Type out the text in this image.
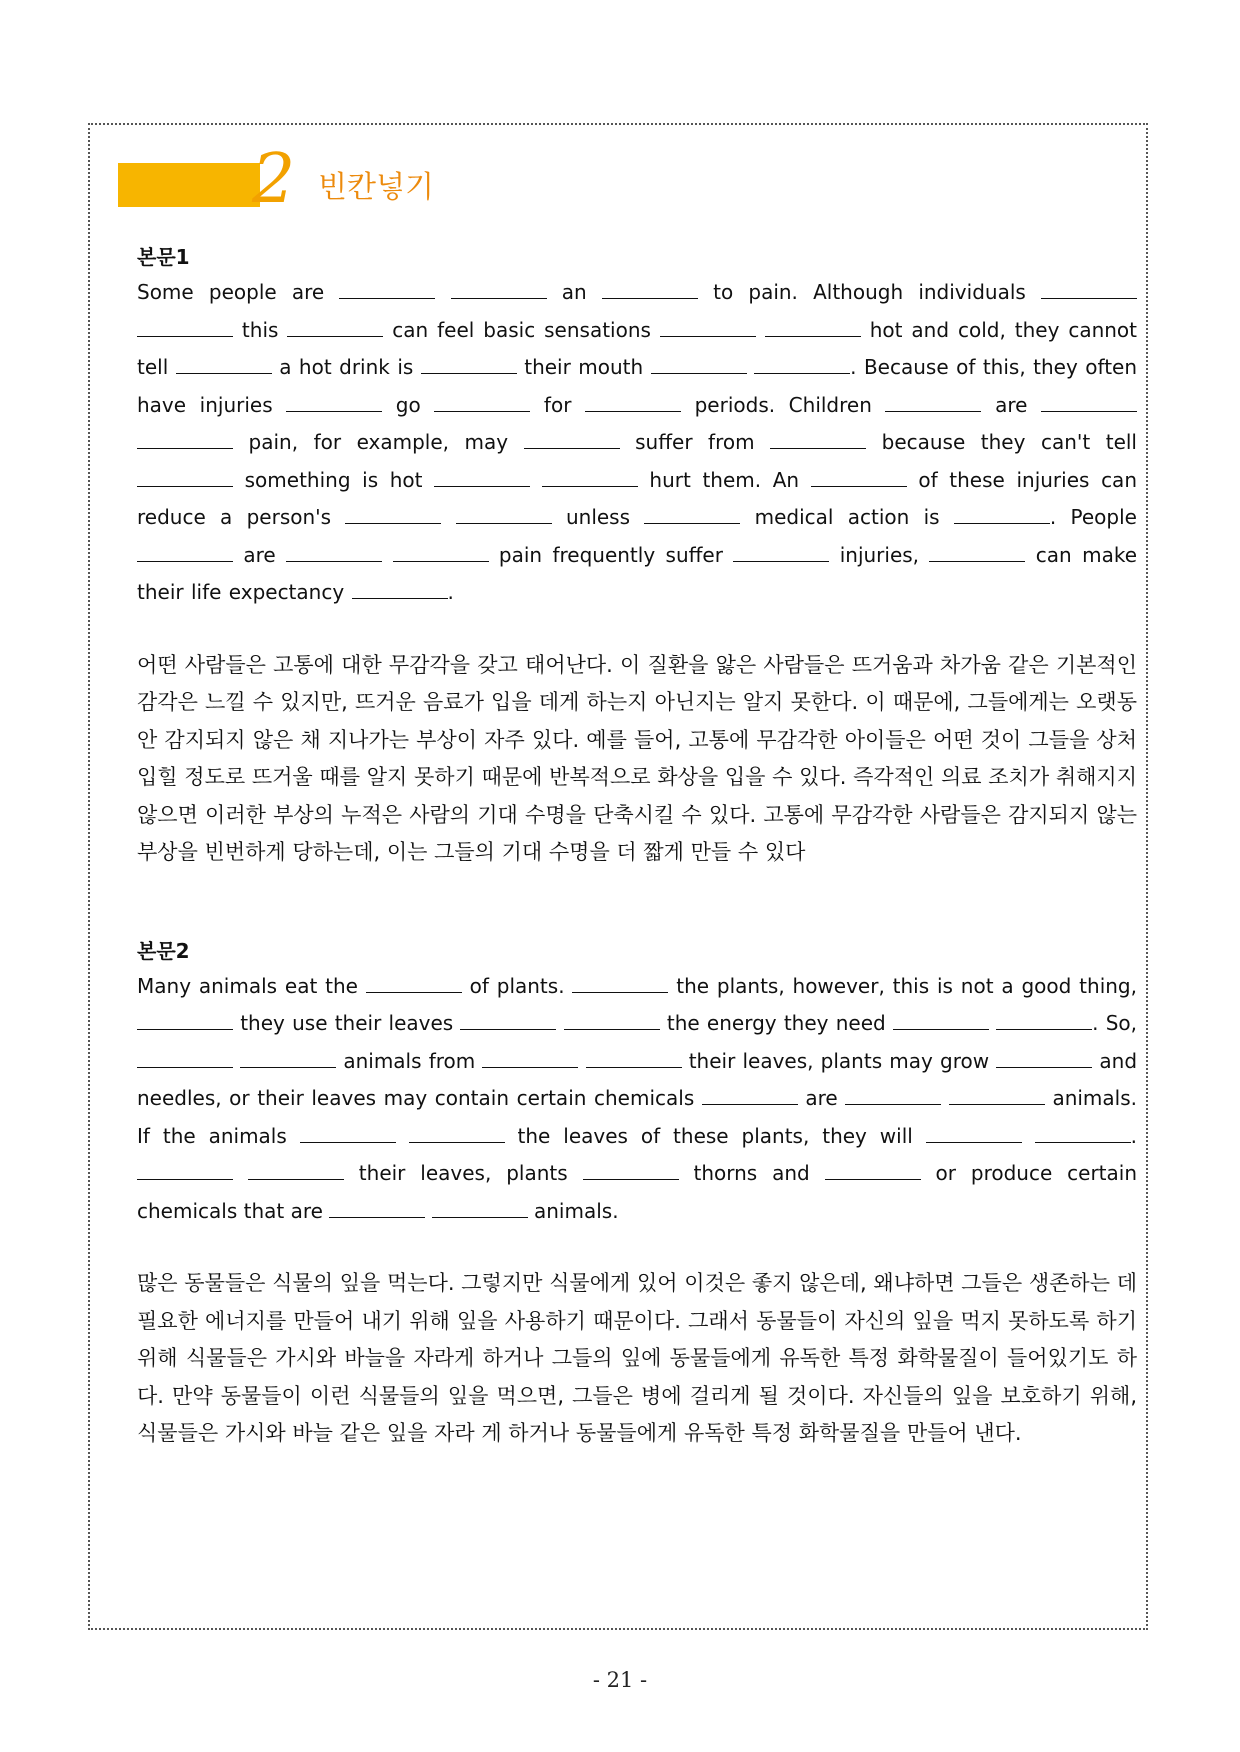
2 빈칸넣기
본문1

Some people are	an	to pain. Although individuals   this	can feel basic sensations	hot and cold, they cannot tell	a hot drink is	their mouth	. Because of this, they often have injuries	go	for	periods. Children	are   pain, for example, may	suffer from	because they can't tell  something is hot	hurt them. An	of these injuries can reduce a person's	unless	medical action is	. People  are	pain frequently suffer	injuries,	can make their life expectancy	.

어떤 사람들은 고통에 대한 무감각을 갖고 태어난다. 이 질환을 앓은 사람들은 뜨거움과 차가움 같은 기본적인 감각은 느낄 수 있지만, 뜨거운 음료가 입을 데게 하는지 아닌지는 알지 못한다. 이 때문에, 그들에게는 오랫동안 감지되지 않은 채 지나가는 부상이 자주 있다. 예를 들어, 고통에 무감각한 아이들은 어떤 것이 그들을 상처 입힐 정도로 뜨거울 때를 알지 못하기 때문에 반복적으로 화상을 입을 수 있다. 즉각적인 의료 조치가 취해지지 않으면 이러한 부상의 누적은 사람의 기대 수명을 단축시킬 수 있다. 고통에 무감각한 사람들은 감지되지 않는 부상을 빈번하게 당하는데, 이는 그들의 기대 수명을 더 짧게 만들 수 있다

본문2

Many animals eat the	of plants.	the plants, however, this is not a good thing,  they use their leaves	the energy they need	. So,   animals from	their leaves, plants may grow	and needles, or their leaves may contain certain chemicals	are	animals. If the animals	the leaves of these plants, they will	.   their leaves, plants	thorns and	or produce certain chemicals that are	animals.

많은 동물들은 식물의 잎을 먹는다. 그렇지만 식물에게 있어 이것은 좋지 않은데, 왜냐하면 그들은 생존하는 데 필요한 에너지를 만들어 내기 위해 잎을 사용하기 때문이다. 그래서 동물들이 자신의 잎을 먹지 못하도록 하기 위해 식물들은 가시와 바늘을 자라게 하거나 그들의 잎에 동물들에게 유독한 특정 화학물질이 들어있기도 하다. 만약 동물들이 이런 식물들의 잎을 먹으면, 그들은 병에 걸리게 될 것이다. 자신들의 잎을 보호하기 위해, 식물들은 가시와 바늘 같은 잎을 자라 게 하거나 동물들에게 유독한 특정 화학물질을 만들어 낸다.

- 21 -
